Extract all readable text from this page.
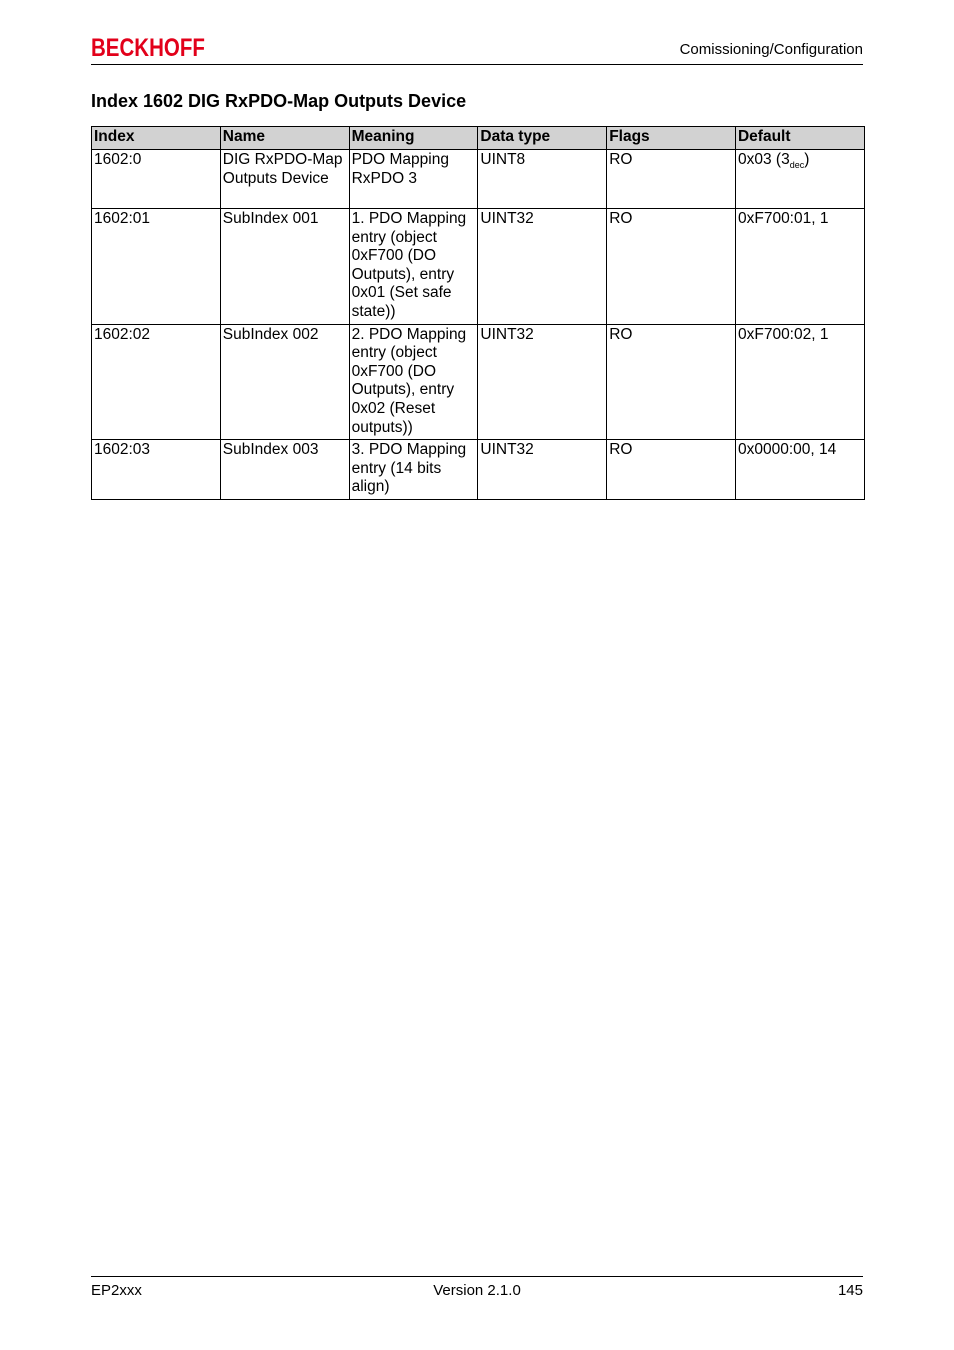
BECKHOFF	Comissioning/Configuration
Index 1602 DIG RxPDO-Map Outputs Device
Index	Name	Meaning	Data type	Flags	Default
1602:0	DIG RxPDO-Map Outputs Device	PDO Mapping RxPDO 3	UINT8	RO	0x03 $(3_{dec})$
1602:01	SubIndex 001	1. PDO Mapping entry (object 0xF700 (DO Outputs), entry 0x01 (Set safe state))	UINT32	RO	0xF700:01, 1
1602:02	SubIndex 002	2. PDO Mapping entry (object 0xF700 (DO Outputs), entry 0x02 (Reset outputs))	UINT32	RO	0xF700:02, 1
1602:03	SubIndex 003	3. PDO Mapping entry (14 bits align)	UINT32	RO	0x0000:00, 14
EP2xxx	Version 2.1.0	145
